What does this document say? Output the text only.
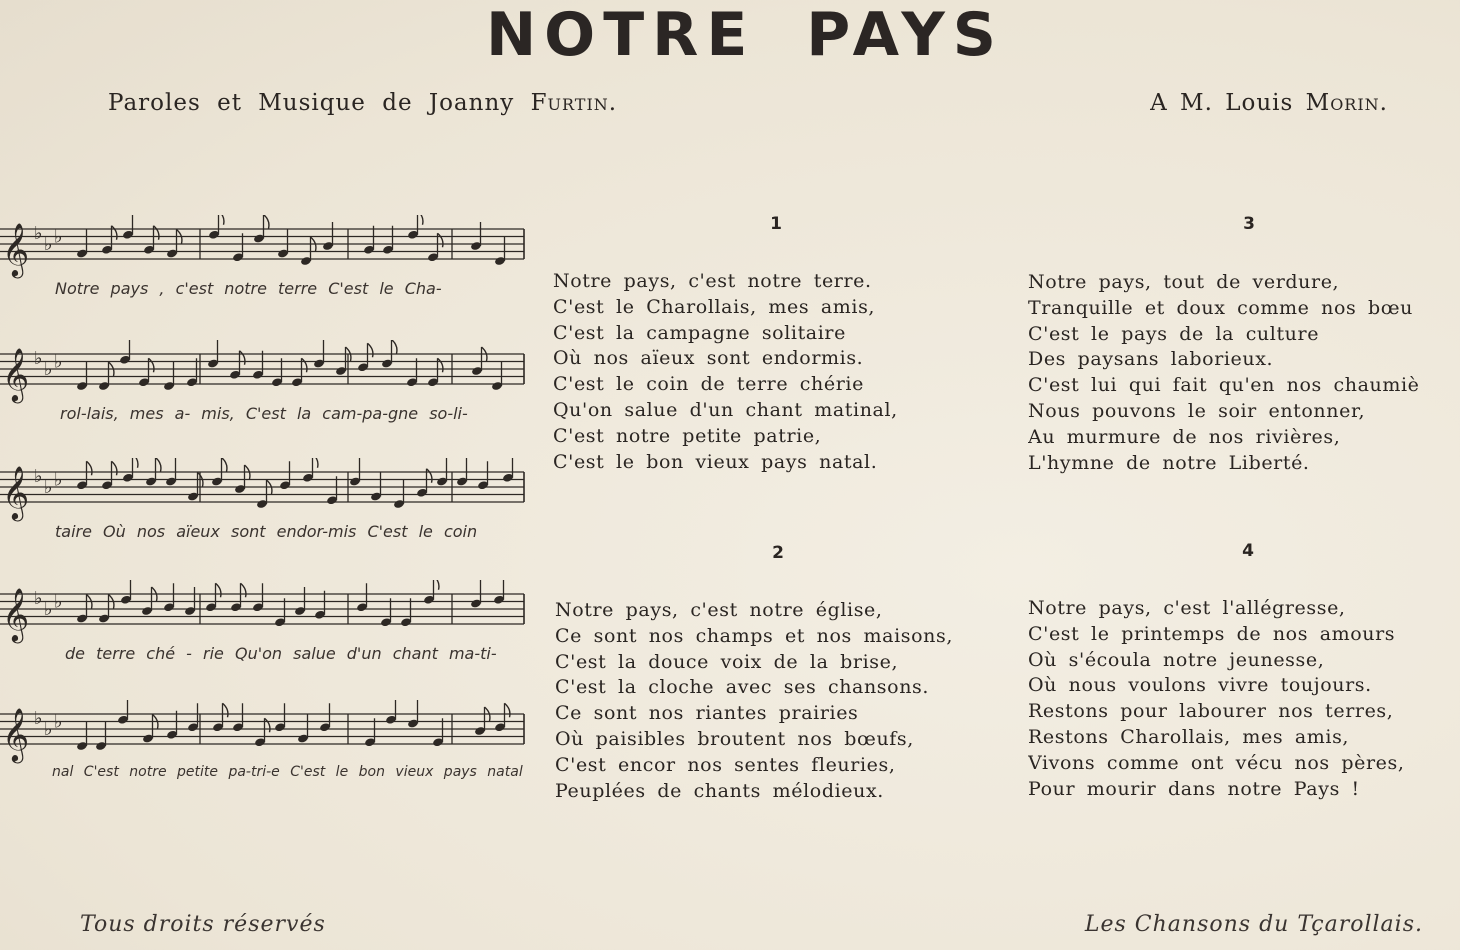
NOTRE PAYS
Paroles et Musique de Joanny Furtin.	A M. Louis Morin.
𝄞 ♭
♭ ♭
Notre pays , c'est notre terre C'est le Cha-
𝄞 ♭
♭ ♭
rol-lais, mes a- mis, C'est la cam-pa-gne so-li-
𝄞 ♭
♭ ♭
taire Où nos aïeux sont endor-mis C'est le coin
𝄞 ♭
♭ ♭
de terre ché - rie Qu'on salue d'un chant ma-ti-
𝄞 ♭
♭ ♭
nal C'est notre petite pa-tri-e C'est le bon vieux pays natal
1
Notre pays, c'est notre terre.
C'est le Charollais, mes amis,
C'est la campagne solitaire
Où nos aïeux sont endormis.
C'est le coin de terre chérie
Qu'on salue d'un chant matinal,
C'est notre petite patrie,
C'est le bon vieux pays natal.
2
Notre pays, c'est notre église,
Ce sont nos champs et nos maisons,
C'est la douce voix de la brise,
C'est la cloche avec ses chansons.
Ce sont nos riantes prairies
Où paisibles broutent nos bœufs,
C'est encor nos sentes fleuries,
Peuplées de chants mélodieux.
3
Notre pays, tout de verdure,
Tranquille et doux comme nos bœu
C'est le pays de la culture
Des paysans laborieux.
C'est lui qui fait qu'en nos chaumiè
Nous pouvons le soir entonner,
Au murmure de nos rivières,
L'hymne de notre Liberté.
4
Notre pays, c'est l'allégresse,
C'est le printemps de nos amours
Où s'écoula notre jeunesse,
Où nous voulons vivre toujours.
Restons pour labourer nos terres,
Restons Charollais, mes amis,
Vivons comme ont vécu nos pères,
Pour mourir dans notre Pays !
Tous droits réservés	Les Chansons du Tçarollais.
